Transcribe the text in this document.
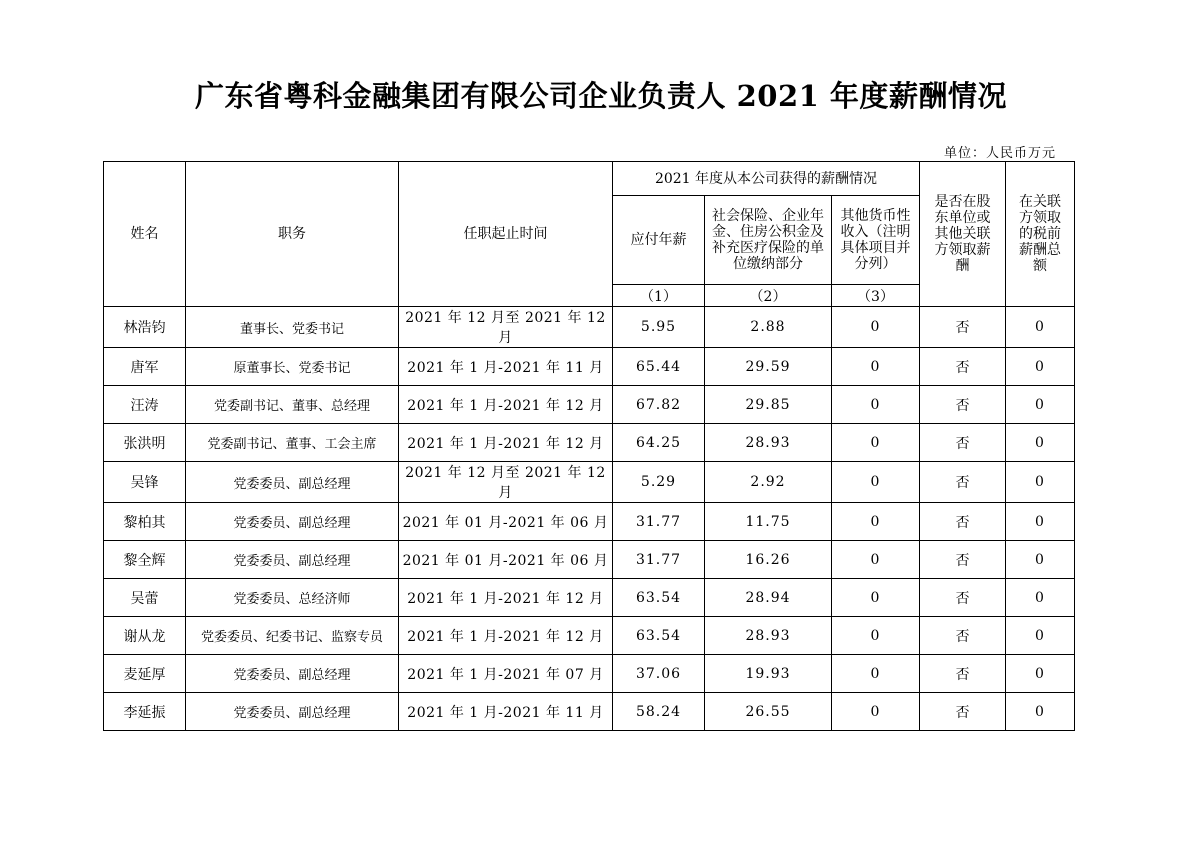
广东省粤科金融集团有限公司企业负责人 2021 年度薪酬情况
单位：人民币万元
姓名	职务	任职起止时间	2021 年度从本公司获得的薪酬情况			是否在股东单位或其他关联方领取薪酬	在关联方领取的税前薪酬总额
			应付年薪	社会保险、企业年金、住房公积金及补充医疗保险的单位缴纳部分	其他货币性收入（注明具体项目并分列）		
			（1）	（2）	（3）		
林浩钧	董事长、党委书记	2021 年 12 月至 2021 年 12 月	5.95	2.88	0	否	0
唐军	原董事长、党委书记	2021 年 1 月-2021 年 11 月	65.44	29.59	0	否	0
汪涛	党委副书记、董事、总经理	2021 年 1 月-2021 年 12 月	67.82	29.85	0	否	0
张洪明	党委副书记、董事、工会主席	2021 年 1 月-2021 年 12 月	64.25	28.93	0	否	0
吴锋	党委委员、副总经理	2021 年 12 月至 2021 年 12 月	5.29	2.92	0	否	0
黎柏其	党委委员、副总经理	2021 年 01 月-2021 年 06 月	31.77	11.75	0	否	0
黎全辉	党委委员、副总经理	2021 年 01 月-2021 年 06 月	31.77	16.26	0	否	0
吴蕾	党委委员、总经济师	2021 年 1 月-2021 年 12 月	63.54	28.94	0	否	0
谢从龙	党委委员、纪委书记、监察专员	2021 年 1 月-2021 年 12 月	63.54	28.93	0	否	0
麦延厚	党委委员、副总经理	2021 年 1 月-2021 年 07 月	37.06	19.93	0	否	0
李延振	党委委员、副总经理	2021 年 1 月-2021 年 11 月	58.24	26.55	0	否	0
